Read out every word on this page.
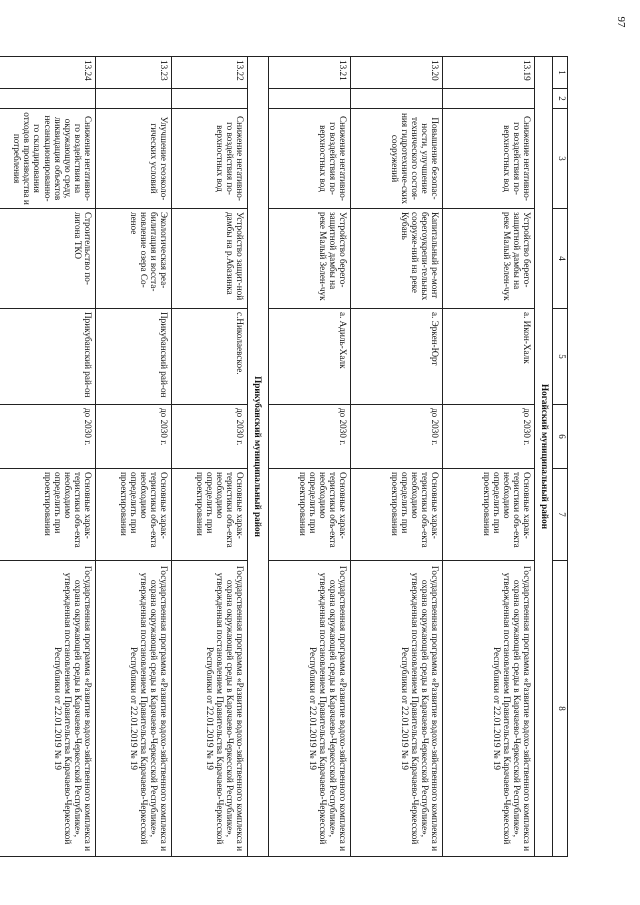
97
1	2	3	4	5	6	7	8
Ногайский муниципальный район							
13.19		Снижение негативно-го воздействия по-верхностных вод	Устройство берего-защитной дамбы на реке Малый Зелен-чук	а. Икон-Халк	до 2030 г.	Основные харак-теристики объ-екта необходимо определить при проектировании	Государственная программа «Развитие водохо-зяйственного комплекса и охрана окружающей среды в Карачаево-Черкесской Республике», утвержденная постановлением Правительства Карачаево-Черкесской Республики от 22.01.2019 № 19
13.20		Повышение безопас-ности, улучшение технического состоя-ния гидротехниче-ских сооружений	Капитальный ре-монт берегоукрепи-тельных сооруже-ний на реке Кубань	а. Эркен-Юрт	до 2030 г.	Основные харак-теристики объ-екта необходимо определить при проектировании	Государственная программа «Развитие водохо-зяйственного комплекса и охрана окружающей среды в Карачаево-Черкесской Республике», утвержденная постановлением Правительства Карачаево-Черкесской Республики от 22.01.2019 № 19
13.21		Снижение негативно-го воздействия по-верхностных вод	Устройство берего-защитной дамбы на реке Малый Зелен-чук	а. Адиль-Халк	до 2030 г.	Основные харак-теристики объ-екта необходимо определить при проектировании	Государственная программа «Развитие водохо-зяйственного комплекса и охрана окружающей среды в Карачаево-Черкесской Республике», утвержденная постановлением Правительства Карачаево-Черкесской Республики от 22.01.2019 № 19
Прикубанский муниципальный район							
13.22		Снижение негативно-го воздействия по-верхностных вод	Устройство защит-ной дамбы на р.Абазинка	с.Николаевское.	до 2030 г.	Основные харак-теристики объ-екта необходимо определить при проектировании	Государственная программа «Развитие водохо-зяйственного комплекса и охрана окружающей среды в Карачаево-Черкесской Республике», утвержденная постановлением Правительства Карачаево-Черкесской Республики от 22.01.2019 № 19
13.23		Улучшение геоэколо-гических условий	Экологическая реа-билитация и восста-новление озера Со-леное	Прикубанский рай-он	до 2030 г.	Основные харак-теристики объ-екта необходимо определить при проектировании	Государственная программа «Развитие водохо-зяйственного комплекса и охрана окружающей среды в Карачаево-Черкесской Республике», утвержденная постановлением Правительства Карачаево-Черкесской Республики от 22.01.2019 № 19
13.24		Снижение негативно-го воздействия на окружающую среду, ликвидация объектов несанкционированно-го складирования отходов производства и потребления	Строительство по-лигона ТКО	Прикубанский рай-он	до 2030 г.	Основные харак-теристики объ-екта необходимо определить при проектировании	Государственная программа «Развитие водохо-зяйственного комплекса и охрана окружающей среды в Карачаево-Черкесской Республике», утвержденная постановлением Правительства Карачаево-Черкесской Республики от 22.01.2019 № 19
